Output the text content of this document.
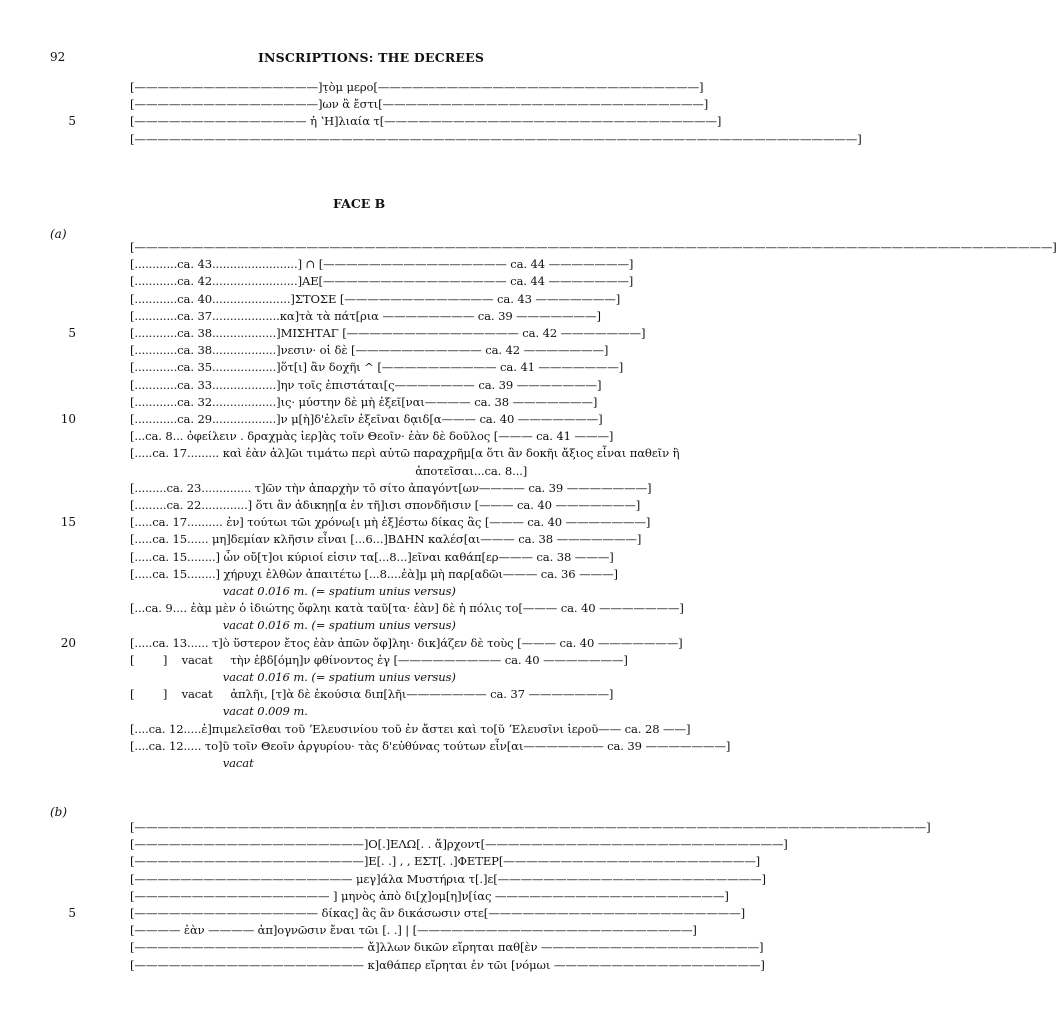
92	INSCRIPTIONS: THE DECREES
[————————————————]τ̣ὸμ μερο[————————————————————————————]
[————————————————]ων ἃ ἔστι[————————————————————————————]
5	[——————————————— ἡ ʽΗ]λιαία τ[—————————————————————————————]
[———————————————————————————————————————————————————————————————]
FACE B
(a)
[————————————————————————————————————————————————————————————————————————————————]
[............ca. 43........................] ∩ [———————————————— ca. 44 ———————]
[............ca. 42........................]ΑΕ[———————————————— ca. 44 ———————]
[............ca. 40......................]ΣΤΟΣΕ [————————————— ca. 43 ———————]
[............ca. 37...................κα]τὰ τὰ πάτ[ρια ———————— ca. 39 ———————]
5	[............ca. 38..................]ΜΙΣΗΤΑΓ [——————————————— ca. 42 ———————]
[............ca. 38..................]νεσιν· οἱ δὲ [——————————— ca. 42 ———————]
[............ca. 35..................]ὅτ[ι] ἂν δοχῆι ^ [—————————— ca. 41 ———————]
[............ca. 33..................]ην τοῖς ἐπιστάται[ς——————— ca. 39 ———————]
[............ca. 32..................]ις· μύστην δὲ μὴ ἐξεῖ[ναι———— ca. 38 ———————]
10	[............ca. 29..................]ν μ[ὴ]δ'ἐλεῖν ἐξεῖναι δᾳιδ[α——— ca. 40 ———————]
[...ca. 8... ὀφείλειν . δραχμὰς ἱερ]ὰς τοῖν Θεοῖν· ἐὰν δὲ δοῦλος [——— ca. 41 ———]
[.....ca. 17......... καὶ ἐὰν ἀλ]ῶι τιμάτω περὶ αὐτῶ παραχρῆμ[α ὅτι ἂν δοκῆι ἄξιος εἶναι παθεῖν ἢ
ἀποτεῖσαι...ca. 8...]
[.........ca. 23.............. τ]ῶν τὴν ἀπαρχὴν τō σίτο ἀπαγόντ[ων———— ca. 39 ———————]
[.........ca. 22.............] ὅτι ἂν ἀδικηῃ[α ἐν τῆ]ισι σπονδῆισιν [——— ca. 40 ———————]
15	[.....ca. 17.......... ἐν] τούτωι τῶι χρόνω[ι μὴ ἐξ]έστω δίκας ἃς [——— ca. 40 ———————]
[.....ca. 15...... μη]δεμίαν κλῆσιν εἶναι [...6...]ΒΔΗΝ καλέσ[αι——— ca. 38 ———————]
[.....ca. 15........] ὧν οὔ[τ]οι κύριοί εἰσιν τα[...8...]εῖναι καθάπ[ερ——— ca. 38 ———]
[.....ca. 15........] χήρυχι ἐλθὼν ἀπαιτέτω [...8....ἐὰ]μ μὴ παρ[αδῶι——— ca. 36 ———]
vacat 0.016 m. (= spatium unius versus)
[...ca. 9.... ἐὰμ μὲν ὁ ἰδιώτης ὄφληι κατὰ ταῦ[τα· ἐὰν] δὲ ἡ πόλις το[——— ca. 40 ———————]
vacat 0.016 m. (= spatium unius versus)
20	[.....ca. 13...... τ]ὸ ὕστερον ἔτος ἐὰν ἀπῶν ὄφ]ληι· δικ]άζεν δὲ τοὺς [——— ca. 40 ———————]
[        ]    vacat     τὴν ἑβδ[όμη]ν φθίνοντος ἐγ [————————— ca. 40 ———————]
vacat 0.016 m. (= spatium unius versus)
[        ]    vacat     ἀπλῆι, [τ]ὰ δὲ ἑκούσια διπ[λῆι——————— ca. 37 ———————]
vacat 0.009 m.
[....ca. 12.....ἐ]πιμελεῖσθαι τοῦ ʼΕλευσινίου τοῦ ἐν ἄστει καὶ το[ῦ ʼΕλευσῖνι ἱεροῦ—— ca. 28 ——]
[....ca. 12..... το]ῦ τοῖν Θεοῖν ἀργυρίου· τὰς δ'εὐθύνας τούτων εἶν[αι——————— ca. 39 ———————]
vacat
(b)
[—————————————————————————————————————————————————————————————————————]
[————————————————————]Ο[.]ΕΛΩ[. . ἄ]ρχοντ[——————————————————————————]
[————————————————————]Ε[. .] , , ΕΣΤ[. .]ΦΕΤΕΡ[——————————————————————]
[——————————————————— μεγ]άλα Μυστήρια τ[.]ε[———————————————————————]
[————————————————— ] μηνὸς ἀπὸ δι[χ]ομ[η]ν[ίας ————————————————————]
5	[———————————————— δίκας] ἃς ἂν δικάσωσιν στε[——————————————————————]
[———— ἐὰν ———— ἀπ]ογνῶσιν ἔναι τῶι [. .] | [————————————————————————]
[———————————————————— ἄ]λλων δικῶν εἴρηται παθ[ὲν ———————————————————]
[———————————————————— κ]αθάπερ εἴρηται ἐν τῶι [νόμωι ——————————————————]
